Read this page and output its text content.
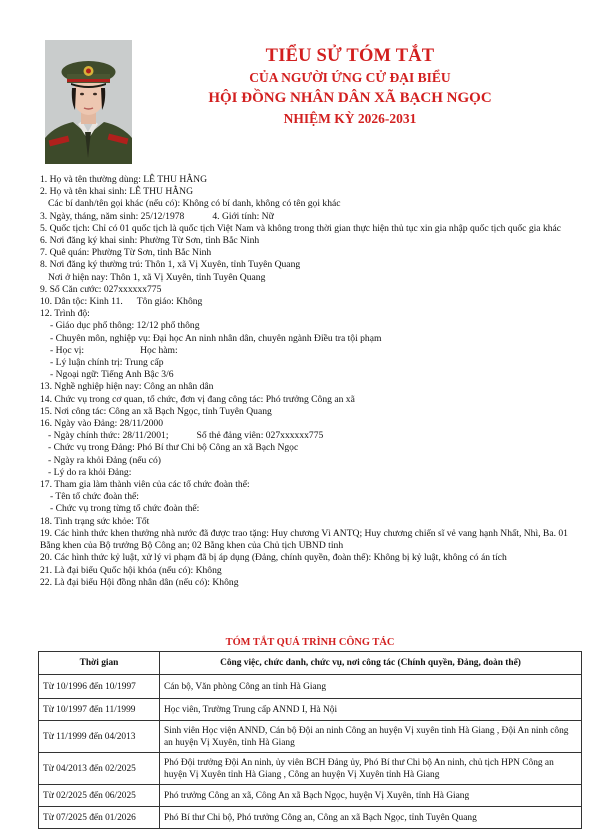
TIỂU SỬ TÓM TẮT
CỦA NGƯỜI ỨNG CỬ ĐẠI BIỂU
HỘI ĐỒNG NHÂN DÂN XÃ BẠCH NGỌC
NHIỆM KỲ 2026-2031
1. Họ và tên thường dùng: LÊ THU HẰNG
2. Họ và tên khai sinh: LÊ THU HẰNG
Các bí danh/tên gọi khác (nếu có): Không có bí danh, không có tên gọi khác
3. Ngày, tháng, năm sinh: 25/12/1978	4. Giới tính: Nữ
5. Quốc tịch: Chỉ có 01 quốc tịch là quốc tịch Việt Nam và không trong thời gian thực hiện thủ tục xin gia nhập quốc tịch quốc gia khác
6. Nơi đăng ký khai sinh: Phường Từ Sơn, tỉnh Bắc Ninh
7. Quê quán: Phường Từ Sơn, tỉnh Bắc Ninh
8. Nơi đăng ký thường trú: Thôn 1, xã Vị Xuyên, tỉnh Tuyên Quang
Nơi ở hiện nay: Thôn 1, xã Vị Xuyên, tỉnh Tuyên Quang
9. Số Căn cước: 027xxxxxx775
10. Dân tộc: Kinh 11. Tôn giáo: Không
12. Trình độ:
- Giáo dục phổ thông: 12/12 phổ thông
- Chuyên môn, nghiệp vụ: Đại học An ninh nhân dân, chuyên ngành Điều tra tội phạm
- Học vị:	Học hàm:
- Lý luận chính trị: Trung cấp
- Ngoại ngữ: Tiếng Anh Bậc 3/6
13. Nghề nghiệp hiện nay: Công an nhân dân
14. Chức vụ trong cơ quan, tổ chức, đơn vị đang công tác: Phó trưởng Công an xã
15. Nơi công tác: Công an xã Bạch Ngọc, tỉnh Tuyên Quang
16. Ngày vào Đảng: 28/11/2000
- Ngày chính thức: 28/11/2001;	Số thẻ đảng viên: 027xxxxxx775
- Chức vụ trong Đảng: Phó Bí thư Chi bộ Công an xã Bạch Ngọc
- Ngày ra khỏi Đảng (nếu có)
- Lý do ra khỏi Đảng:
17. Tham gia làm thành viên của các tổ chức đoàn thể:
- Tên tổ chức đoàn thể:
- Chức vụ trong từng tổ chức đoàn thể:
18. Tình trạng sức khỏe: Tốt
19. Các hình thức khen thưởng nhà nước đã được trao tặng: Huy chương Vì ANTQ; Huy chương chiến sĩ vẻ vang hạnh Nhất, Nhì, Ba. 01 Bằng khen của Bộ trưởng Bộ Công an; 02 Bằng khen của Chủ tịch UBND tỉnh
20. Các hình thức kỷ luật, xử lý vi phạm đã bị áp dụng (Đảng, chính quyền, đoàn thể): Không bị kỷ luật, không có án tích
21. Là đại biểu Quốc hội khóa (nếu có): Không
22. Là đại biểu Hội đồng nhân dân (nếu có): Không
TÓM TẮT QUÁ TRÌNH CÔNG TÁC
Thời gian	Công việc, chức danh, chức vụ, nơi công tác (Chính quyền, Đảng, đoàn thể)
Từ 10/1996 đến 10/1997	Cán bộ, Văn phòng Công an tỉnh Hà Giang
Từ 10/1997 đến 11/1999	Học viên, Trường Trung cấp ANND I, Hà Nội
Từ 11/1999 đến 04/2013	Sinh viên Học viện ANND, Cán bộ Đội an ninh Công an huyện Vị xuyên tỉnh Hà Giang , Đội An ninh công an huyện Vị Xuyên, tỉnh Hà Giang
Từ 04/2013 đến 02/2025	Phó Đội trưởng Đội An ninh, ủy viên BCH Đảng ủy, Phó Bí thư Chi bộ An ninh, chủ tịch HPN Công an huyện Vị Xuyên tỉnh Hà Giang , Công an huyện Vị Xuyên tỉnh Hà Giang
Từ 02/2025 đến 06/2025	Phó trưởng Công an xã, Công An xã Bạch Ngọc, huyện Vị Xuyên, tỉnh Hà Giang
Từ 07/2025 đến 01/2026	Phó Bí thư Chi bộ, Phó trưởng Công an, Công an xã Bạch Ngọc, tỉnh Tuyên Quang
